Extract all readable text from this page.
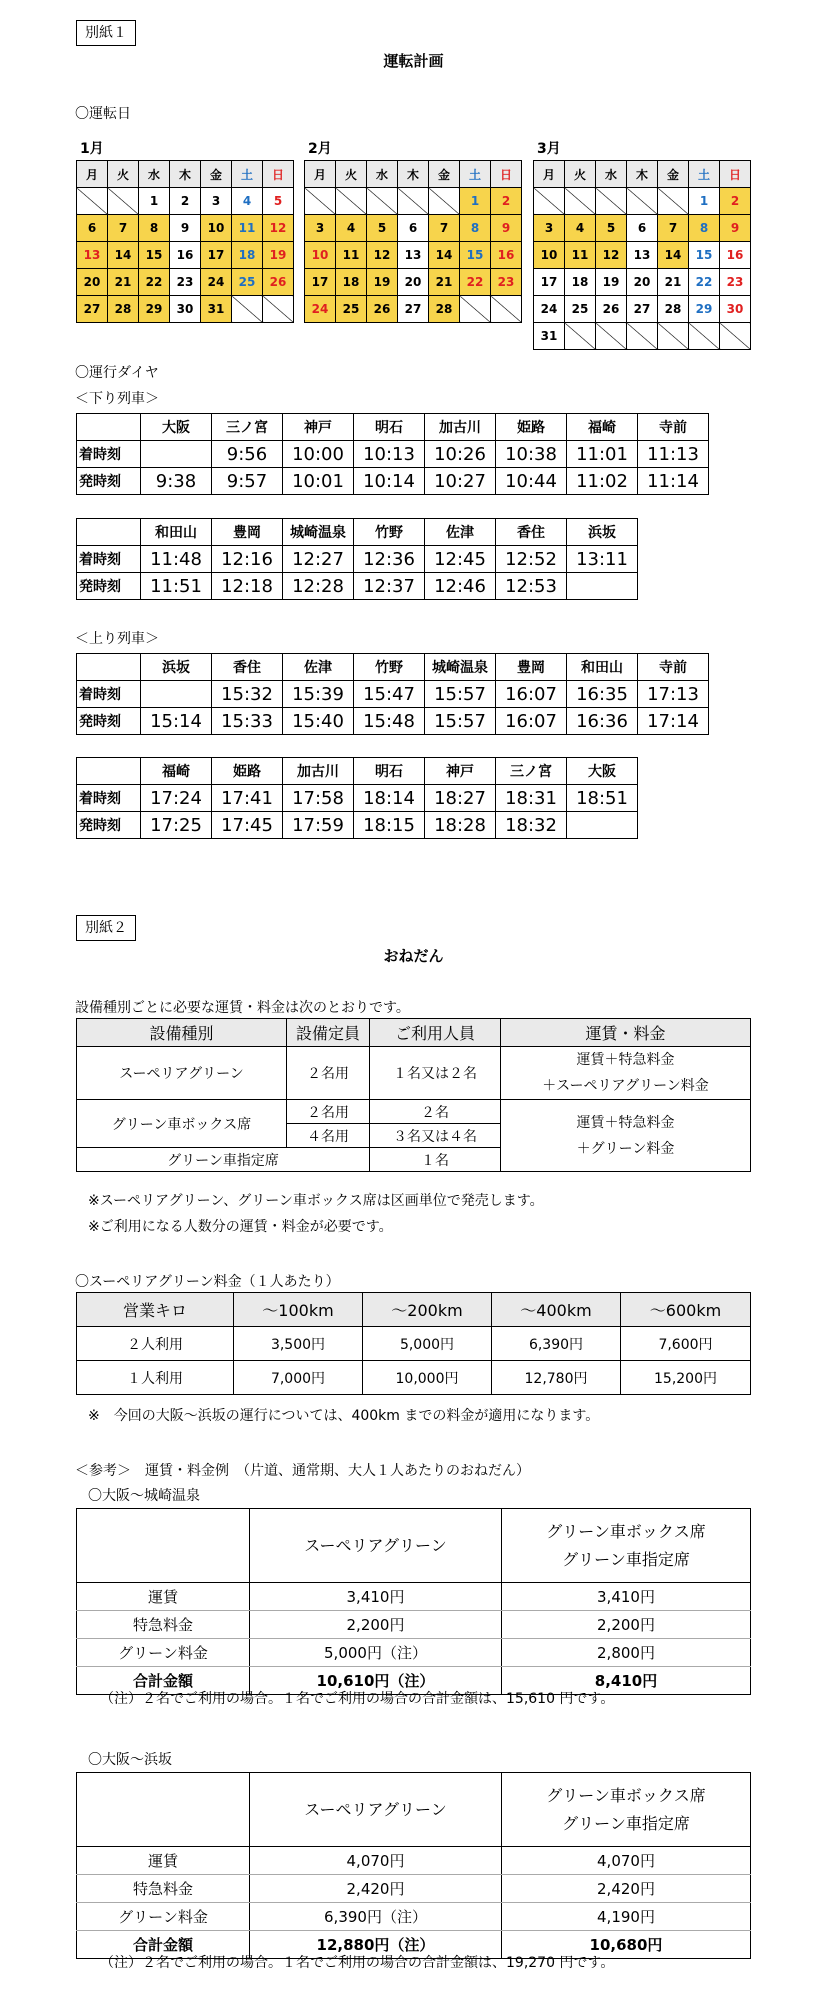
別紙１
運転計画
〇運転日
1月
月	火	水	木	金	土	日
		1	2	3	4	5
6	7	8	9	10	11	12
13	14	15	16	17	18	19
20	21	22	23	24	25	26
27	28	29	30	31		
2月
月	火	水	木	金	土	日
					1	2
3	4	5	6	7	8	9
10	11	12	13	14	15	16
17	18	19	20	21	22	23
24	25	26	27	28		
3月
月	火	水	木	金	土	日
					1	2
3	4	5	6	7	8	9
10	11	12	13	14	15	16
17	18	19	20	21	22	23
24	25	26	27	28	29	30
31						
〇運行ダイヤ
＜下り列車＞
	大阪	三ノ宮	神戸	明石	加古川	姫路	福崎	寺前
着時刻		9:56	10:00	10:13	10:26	10:38	11:01	11:13
発時刻	9:38	9:57	10:01	10:14	10:27	10:44	11:02	11:14
	和田山	豊岡	城崎温泉	竹野	佐津	香住	浜坂
着時刻	11:48	12:16	12:27	12:36	12:45	12:52	13:11
発時刻	11:51	12:18	12:28	12:37	12:46	12:53	
＜上り列車＞
	浜坂	香住	佐津	竹野	城崎温泉	豊岡	和田山	寺前
着時刻		15:32	15:39	15:47	15:57	16:07	16:35	17:13
発時刻	15:14	15:33	15:40	15:48	15:57	16:07	16:36	17:14
	福崎	姫路	加古川	明石	神戸	三ノ宮	大阪
着時刻	17:24	17:41	17:58	18:14	18:27	18:31	18:51
発時刻	17:25	17:45	17:59	18:15	18:28	18:32	
別紙２
おねだん
設備種別ごとに必要な運賃・料金は次のとおりです。
設備種別	設備定員	ご利用人員	運賃・料金
スーペリアグリーン	２名用	１名又は２名	運賃＋特急料金
＋スーペリアグリーン料金

グリーン車ボックス席	２名用	２名	運賃＋特急料金
＋グリーン料金

	４名用	３名又は４名	
グリーン車指定席		１名	
※スーペリアグリーン、グリーン車ボックス席は区画単位で発売します。
※ご利用になる人数分の運賃・料金が必要です。
〇スーペリアグリーン料金（１人あたり）
営業キロ	～100km	～200km	～400km	～600km
２人利用	3,500円	5,000円	6,390円	7,600円
１人利用	7,000円	10,000円	12,780円	15,200円
※　今回の大阪～浜坂の運行については、400km までの料金が適用になります。
＜参考＞　運賃・料金例　（片道、通常期、大人１人あたりのおねだん）
〇大阪～城崎温泉
	スーペリアグリーン	グリーン車ボックス席
グリーン車指定席

運賃	3,410円	3,410円
特急料金	2,200円	2,200円
グリーン料金	5,000円（注）	2,800円
合計金額	10,610円（注）	8,410円
（注）２名でご利用の場合。１名でご利用の場合の合計金額は、15,610 円です。
〇大阪～浜坂
	スーペリアグリーン	グリーン車ボックス席
グリーン車指定席

運賃	4,070円	4,070円
特急料金	2,420円	2,420円
グリーン料金	6,390円（注）	4,190円
合計金額	12,880円（注）	10,680円
（注）２名でご利用の場合。１名でご利用の場合の合計金額は、19,270 円です。
